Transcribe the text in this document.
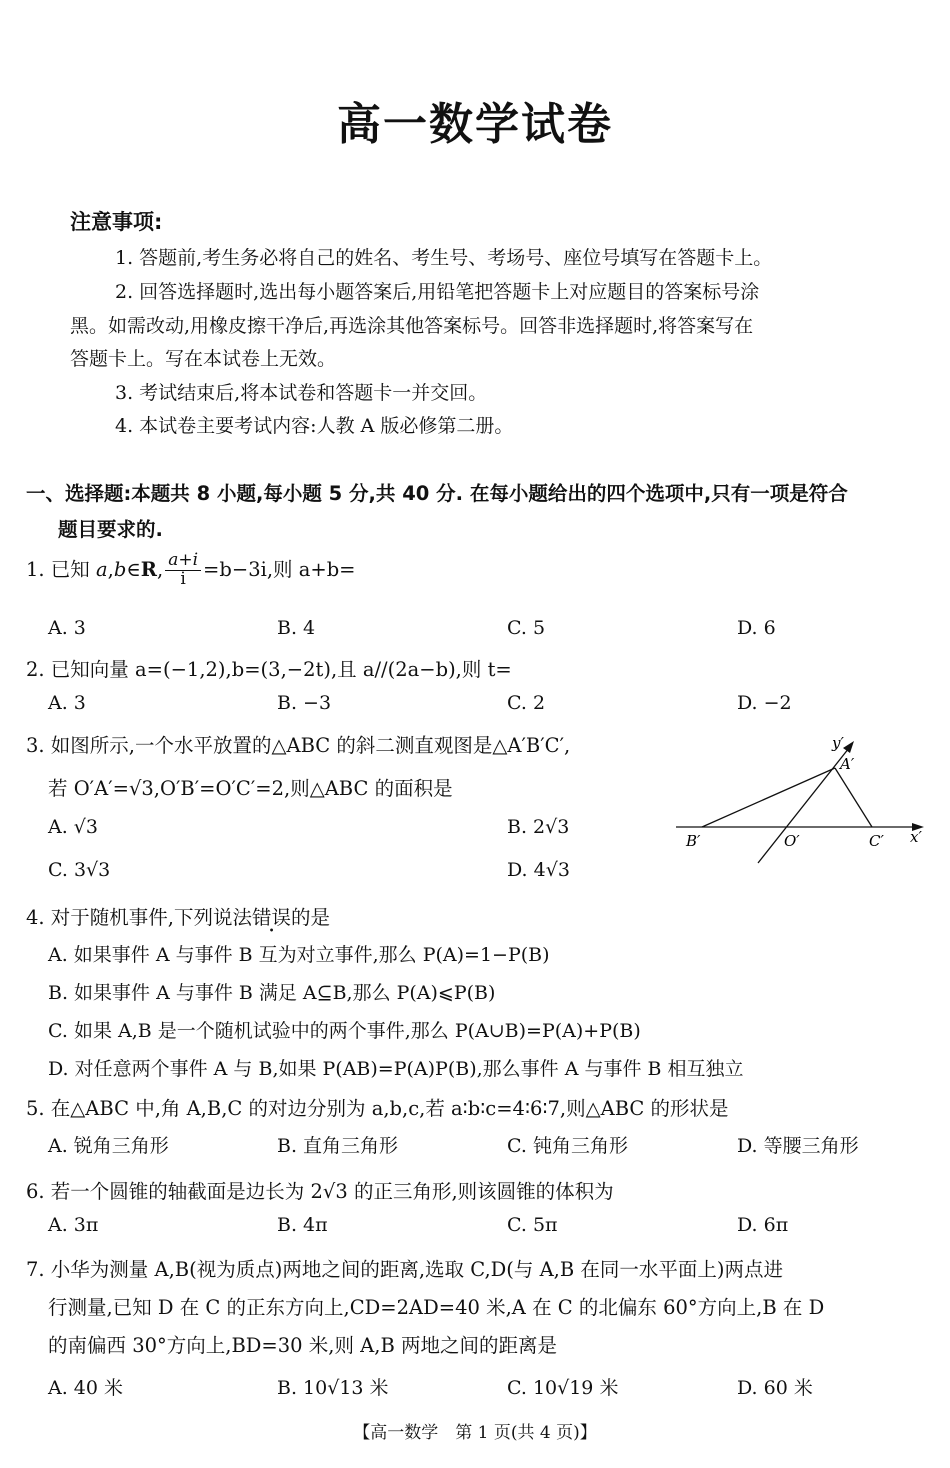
高一数学试卷
注意事项:
1. 答题前,考生务必将自己的姓名、考生号、考场号、座位号填写在答题卡上。
2. 回答选择题时,选出每小题答案后,用铅笔把答题卡上对应题目的答案标号涂
黑。如需改动,用橡皮擦干净后,再选涂其他答案标号。回答非选择题时,将答案写在
答题卡上。写在本试卷上无效。
3. 考试结束后,将本试卷和答题卡一并交回。
4. 本试卷主要考试内容:人教 A 版必修第二册。
一、选择题:本题共 8 小题,每小题 5 分,共 40 分. 在每小题给出的四个选项中,只有一项是符合
题目要求的.
1. 已知 a,b∈R, $\frac{a+i}{i} =b-3i$,则 a+b=
A. 3	B. 4	C. 5	D. 6
2. 已知向量 a=(−1,2),b=(3,−2t),且 a//(2a−b),则 t=
A. 3	B. −3	C. 2	D. −2
3. 如图所示,一个水平放置的△ABC 的斜二测直观图是△A′B′C′,
若 O′A′=√3,O′B′=O′C′=2,则△ABC 的面积是
A. √3	B. 2√3
C. 3√3	D. 4√3
y′
A′
B′	O′	C′ x′
4. 对于随机事件,下列说法错误的是
A. 如果事件 A 与事件 B 互为对立事件,那么 P(A)=1−P(B)
B. 如果事件 A 与事件 B 满足 A⊆B,那么 P(A)⩽P(B)
C. 如果 A,B 是一个随机试验中的两个事件,那么 P(A∪B)=P(A)+P(B)
D. 对任意两个事件 A 与 B,如果 P(AB)=P(A)P(B),那么事件 A 与事件 B 相互独立
5. 在△ABC 中,角 A,B,C 的对边分别为 a,b,c,若 a∶b∶c=4∶6∶7,则△ABC 的形状是
A. 锐角三角形	B. 直角三角形	C. 钝角三角形	D. 等腰三角形
6. 若一个圆锥的轴截面是边长为 2√3 的正三角形,则该圆锥的体积为
A. 3π	B. 4π	C. 5π	D. 6π
7. 小华为测量 A,B(视为质点)两地之间的距离,选取 C,D(与 A,B 在同一水平面上)两点进
行测量,已知 D 在 C 的正东方向上,CD=2AD=40 米,A 在 C 的北偏东 60°方向上,B 在 D
的南偏西 30°方向上,BD=30 米,则 A,B 两地之间的距离是
A. 40 米	B. 10√13 米	C. 10√19 米	D. 60 米
【高一数学　第 1 页(共 4 页)】
